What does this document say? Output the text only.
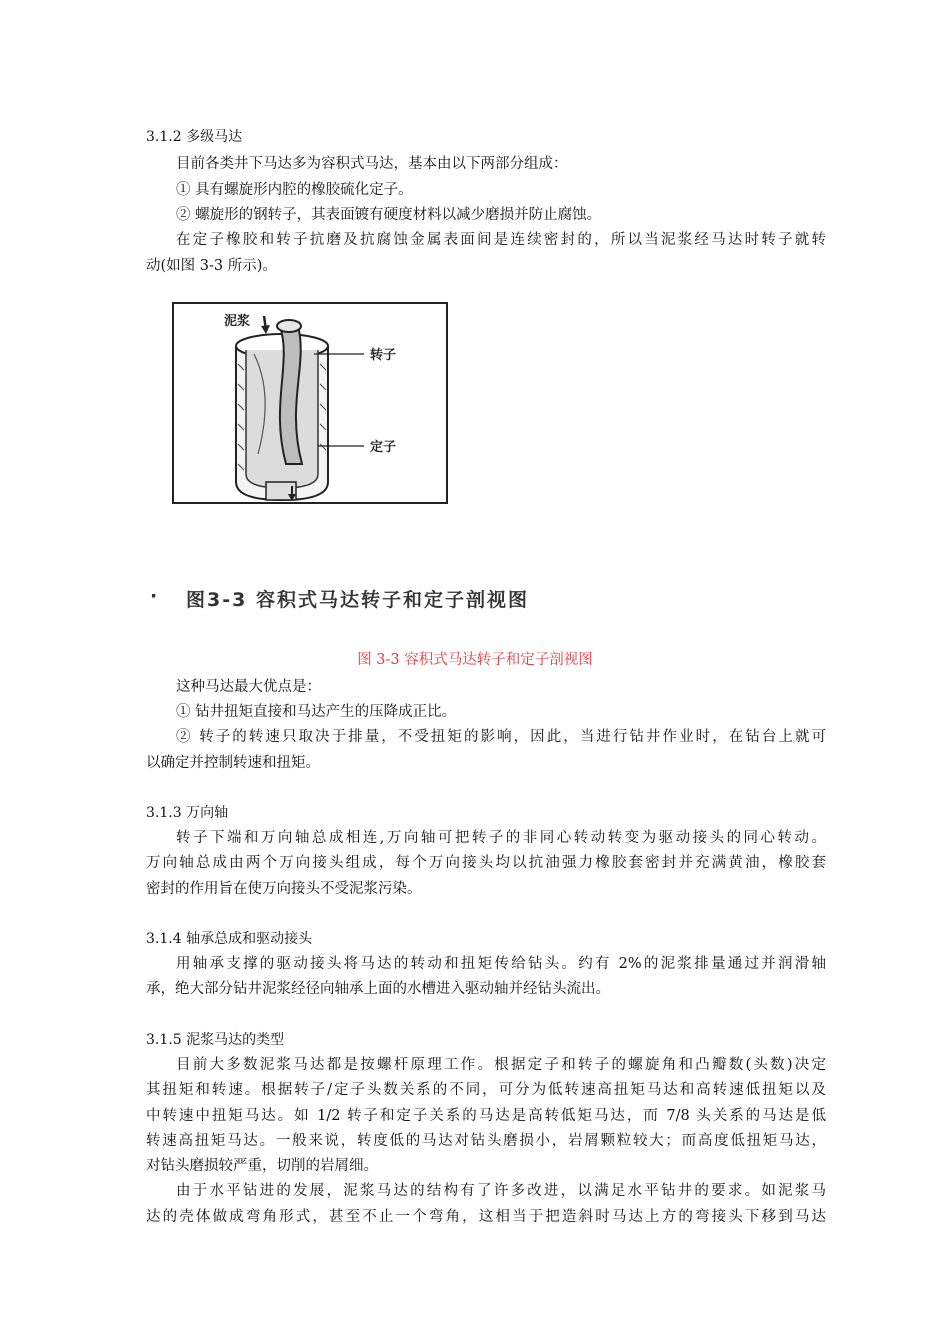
3.1.2 多级马达
目前各类井下马达多为容积式马达，基本由以下两部分组成：
① 具有螺旋形内腔的橡胶硫化定子。
② 螺旋形的钢转子，其表面镀有硬度材料以减少磨损并防止腐蚀。
在定子橡胶和转子抗磨及抗腐蚀金属表面间是连续密封的，所以当泥浆经马达时转子就转
动(如图 3-3 所示)。
泥浆
转子
定子
· 图3-3 容积式马达转子和定子剖视图
图 3-3 容积式马达转子和定子剖视图
这种马达最大优点是：
① 钻井扭矩直接和马达产生的压降成正比。
② 转子的转速只取决于排量，不受扭矩的影响，因此，当进行钻井作业时，在钻台上就可
以确定并控制转速和扭矩。
3.1.3 万向轴
转子下端和万向轴总成相连,万向轴可把转子的非同心转动转变为驱动接头的同心转动。
万向轴总成由两个万向接头组成，每个万向接头均以抗油强力橡胶套密封并充满黄油，橡胶套
密封的作用旨在使万向接头不受泥浆污染。
3.1.4 轴承总成和驱动接头
用轴承支撑的驱动接头将马达的转动和扭矩传给钻头。约有 2%的泥浆排量通过并润滑轴
承，绝大部分钻井泥浆经径向轴承上面的水槽进入驱动轴并经钻头流出。
3.1.5 泥浆马达的类型
目前大多数泥浆马达都是按螺杆原理工作。根据定子和转子的螺旋角和凸瓣数(头数)决定
其扭矩和转速。根据转子/定子头数关系的不同，可分为低转速高扭矩马达和高转速低扭矩以及
中转速中扭矩马达。如 1/2 转子和定子关系的马达是高转低矩马达，而 7/8 头关系的马达是低
转速高扭矩马达。一般来说，转度低的马达对钻头磨损小，岩屑颗粒较大；而高度低扭矩马达，
对钻头磨损较严重，切削的岩屑细。
由于水平钻进的发展，泥浆马达的结构有了许多改进，以满足水平钻井的要求。如泥浆马
达的壳体做成弯角形式，甚至不止一个弯角，这相当于把造斜时马达上方的弯接头下移到马达
